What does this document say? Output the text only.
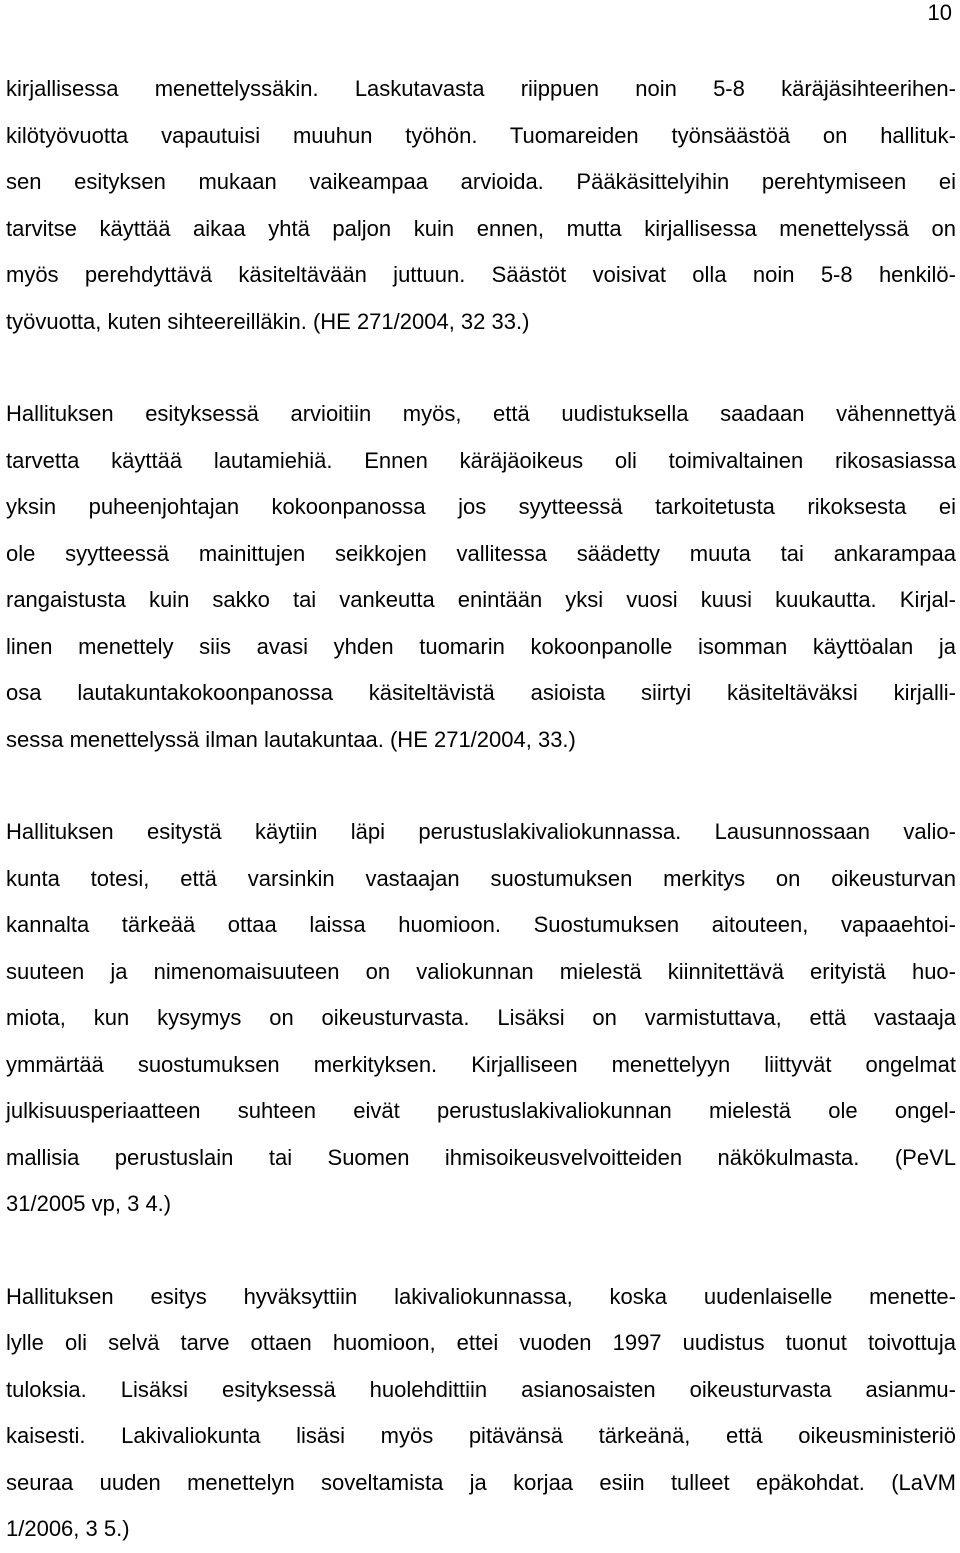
10
kirjallisessa menettelyssäkin. Laskutavasta riippuen noin 5-8 käräjäsihteerihen-
kilötyövuotta vapautuisi muuhun työhön. Tuomareiden työnsäästöä on hallituk-
sen esityksen mukaan vaikeampaa arvioida. Pääkäsittelyihin perehtymiseen ei
tarvitse käyttää aikaa yhtä paljon kuin ennen, mutta kirjallisessa menettelyssä on
myös perehdyttävä käsiteltävään juttuun. Säästöt voisivat olla noin 5-8 henkilö-
työvuotta, kuten sihteereilläkin. (HE 271/2004, 32 33.)
Hallituksen esityksessä arvioitiin myös, että uudistuksella saadaan vähennettyä
tarvetta käyttää lautamiehiä. Ennen käräjäoikeus oli toimivaltainen rikosasiassa
yksin puheenjohtajan kokoonpanossa jos syytteessä tarkoitetusta rikoksesta ei
ole syytteessä mainittujen seikkojen vallitessa säädetty muuta tai ankarampaa
rangaistusta kuin sakko tai vankeutta enintään yksi vuosi kuusi kuukautta. Kirjal-
linen menettely siis avasi yhden tuomarin kokoonpanolle isomman käyttöalan ja
osa lautakuntakokoonpanossa käsiteltävistä asioista siirtyi käsiteltäväksi kirjalli-
sessa menettelyssä ilman lautakuntaa. (HE 271/2004, 33.)
Hallituksen esitystä käytiin läpi perustuslakivaliokunnassa. Lausunnossaan valio-
kunta totesi, että varsinkin vastaajan suostumuksen merkitys on oikeusturvan
kannalta tärkeää ottaa laissa huomioon. Suostumuksen aitouteen, vapaaehtoi-
suuteen ja nimenomaisuuteen on valiokunnan mielestä kiinnitettävä erityistä huo-
miota, kun kysymys on oikeusturvasta. Lisäksi on varmistuttava, että vastaaja
ymmärtää suostumuksen merkityksen. Kirjalliseen menettelyyn liittyvät ongelmat
julkisuusperiaatteen suhteen eivät perustuslakivaliokunnan mielestä ole ongel-
mallisia perustuslain tai Suomen ihmisoikeusvelvoitteiden näkökulmasta. (PeVL
31/2005 vp, 3 4.)
Hallituksen esitys hyväksyttiin lakivaliokunnassa, koska uudenlaiselle menette-
lylle oli selvä tarve ottaen huomioon, ettei vuoden 1997 uudistus tuonut toivottuja
tuloksia. Lisäksi esityksessä huolehdittiin asianosaisten oikeusturvasta asianmu-
kaisesti. Lakivaliokunta lisäsi myös pitävänsä tärkeänä, että oikeusministeriö
seuraa uuden menettelyn soveltamista ja korjaa esiin tulleet epäkohdat. (LaVM
1/2006, 3 5.)
